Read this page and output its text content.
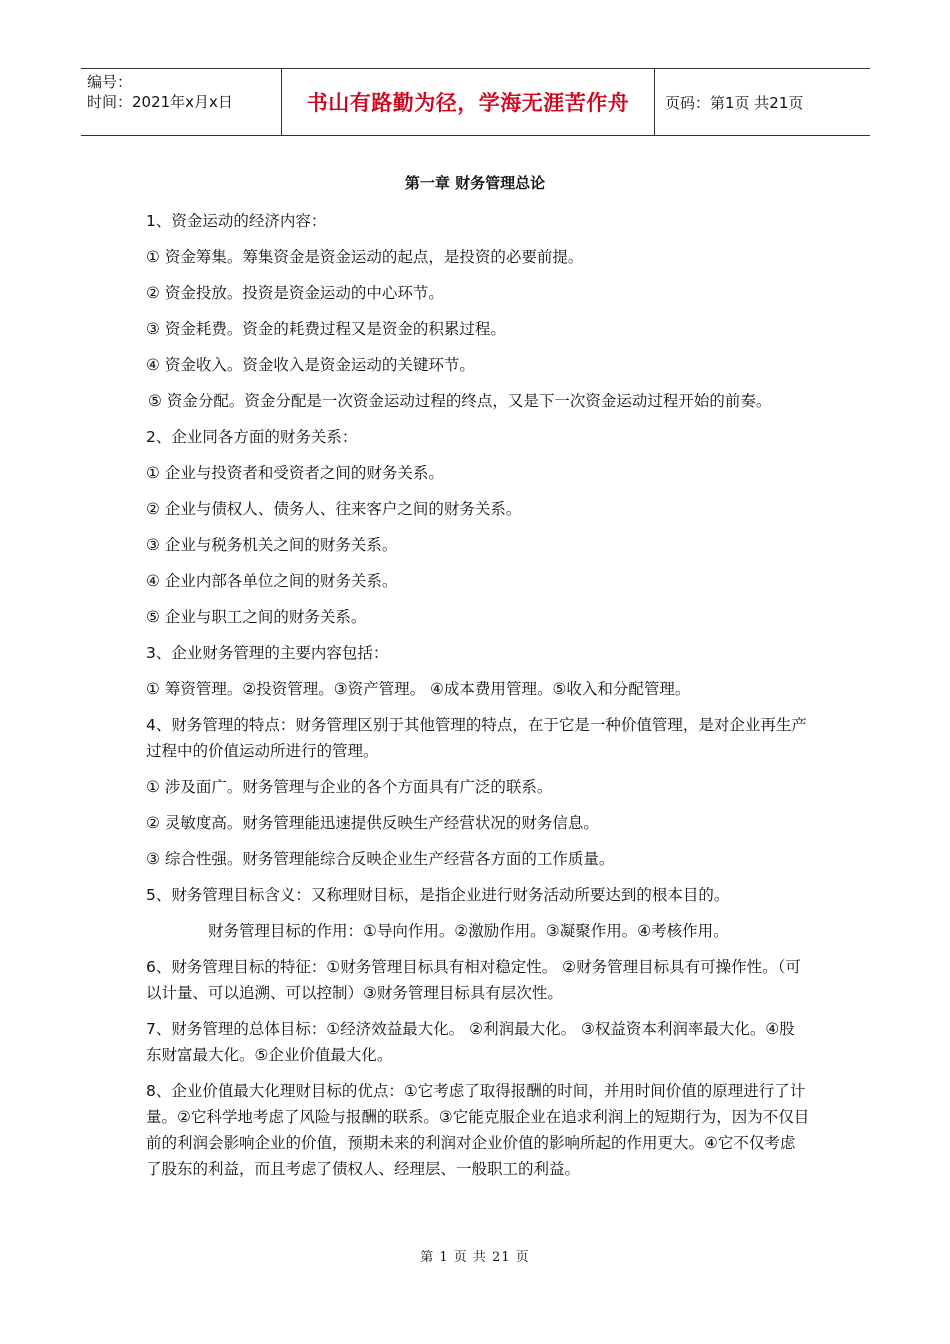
编号：
时间：2021年x月x日	书山有路勤为径，学海无涯苦作舟 页码：第1页 共21页
第一章 财务管理总论

1、资金运动的经济内容：

① 资金筹集。筹集资金是资金运动的起点，是投资的必要前提。

② 资金投放。投资是资金运动的中心环节。

③ 资金耗费。资金的耗费过程又是资金的积累过程。

④ 资金收入。资金收入是资金运动的关键环节。

⑤ 资金分配。资金分配是一次资金运动过程的终点，又是下一次资金运动过程开始的前奏。

2、企业同各方面的财务关系：

① 企业与投资者和受资者之间的财务关系。

② 企业与债权人、债务人、往来客户之间的财务关系。

③ 企业与税务机关之间的财务关系。

④ 企业内部各单位之间的财务关系。

⑤ 企业与职工之间的财务关系。

3、企业财务管理的主要内容包括：

① 筹资管理。②投资管理。③资产管理。 ④成本费用管理。⑤收入和分配管理。

4、财务管理的特点：财务管理区别于其他管理的特点，在于它是一种价值管理，是对企业再生产过程中的价值运动所进行的管理。

① 涉及面广。财务管理与企业的各个方面具有广泛的联系。

② 灵敏度高。财务管理能迅速提供反映生产经营状况的财务信息。

③ 综合性强。财务管理能综合反映企业生产经营各方面的工作质量。

5、财务管理目标含义：又称理财目标，是指企业进行财务活动所要达到的根本目的。

财务管理目标的作用：①导向作用。②激励作用。③凝聚作用。④考核作用。

6、财务管理目标的特征：①财务管理目标具有相对稳定性。 ②财务管理目标具有可操作性。（可以计量、可以追溯、可以控制）③财务管理目标具有层次性。

7、财务管理的总体目标：①经济效益最大化。 ②利润最大化。 ③权益资本利润率最大化。④股东财富最大化。⑤企业价值最大化。

8、企业价值最大化理财目标的优点：①它考虑了取得报酬的时间，并用时间价值的原理进行了计量。②它科学地考虑了风险与报酬的联系。③它能克服企业在追求利润上的短期行为，因为不仅目前的利润会影响企业的价值，预期未来的利润对企业价值的影响所起的作用更大。④它不仅考虑了股东的利益，而且考虑了债权人、经理层、一般职工的利益。

第 1 页 共 21 页
